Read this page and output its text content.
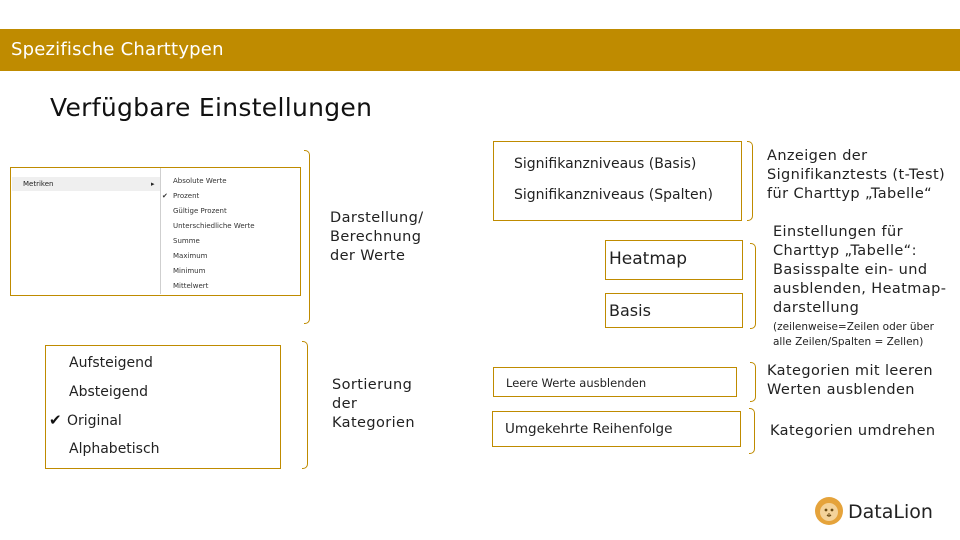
Spezifische Charttypen
Verfügbare Einstellungen
Metriken	▸	Absolute Werte
✔ Prozent
Gültige Prozent
Unterschiedliche Werte
Summe
Maximum
Minimum
Mittelwert
Darstellung/
Berechnung
der Werte
Aufsteigend
Absteigend
✔ Original
Alphabetisch
Sortierung
der
Kategorien
Signifikanzniveaus (Basis)
Signifikanzniveaus (Spalten)
Anzeigen der
Signifikanztests (t-Test)
für Charttyp „Tabelle“
Heatmap
Basis
Einstellungen für
Charttyp „Tabelle“:
Basisspalte ein- und
ausblenden, Heatmap-
darstellung
(zeilenweise=Zeilen oder über
alle Zeilen/Spalten = Zellen)
Leere Werte ausblenden
Kategorien mit leeren
Werten ausblenden
Umgekehrte Reihenfolge	Kategorien umdrehen
DataLion
